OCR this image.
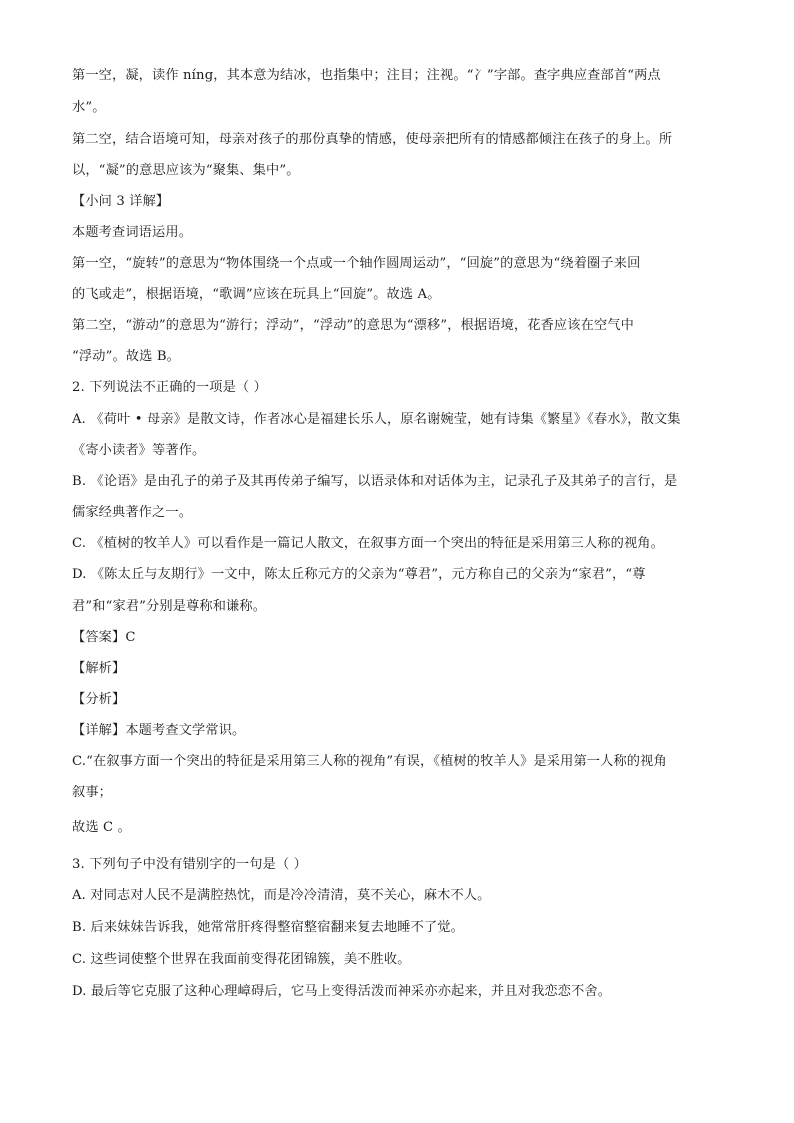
第一空，凝，读作 níng，其本意为结冰，也指集中；注目；注视。“冫”字部。查字典应查部首“两点
水”。
第二空，结合语境可知，母亲对孩子的那份真挚的情感，使母亲把所有的情感都倾注在孩子的身上。所
以，“凝”的意思应该为“聚集、集中”。
【小问 3 详解】
本题考查词语运用。
第一空，“旋转”的意思为“物体围绕一个点或一个轴作圆周运动”，“回旋”的意思为“绕着圈子来回
的飞或走”，根据语境，“歌调”应该在玩具上“回旋”。故选 A。
第二空，“游动”的意思为“游行；浮动”，“浮动”的意思为“漂移”，根据语境，花香应该在空气中
“浮动”。故选 B。
2. 下列说法不正确的一项是（ ）
A. 《荷叶 • 母亲》是散文诗，作者冰心是福建长乐人，原名谢婉莹，她有诗集《繁星》《春水》，散文集
《寄小读者》等著作。
B. 《论语》是由孔子的弟子及其再传弟子编写，以语录体和对话体为主，记录孔子及其弟子的言行，是
儒家经典著作之一。
C. 《植树的牧羊人》可以看作是一篇记人散文，在叙事方面一个突出的特征是采用第三人称的视角。
D. 《陈太丘与友期行》一文中，陈太丘称元方的父亲为“尊君”，元方称自己的父亲为“家君”，“尊
君”和“家君”分别是尊称和谦称。
【答案】C
【解析】
【分析】
【详解】本题考查文学常识。
C.“在叙事方面一个突出的特征是采用第三人称的视角”有误，《植树的牧羊人》是采用第一人称的视角
叙事；
故选 C 。
3. 下列句子中没有错别字的一句是（ ）
A. 对同志对人民不是满腔热忱，而是冷冷清清，莫不关心，麻木不人。
B. 后来妹妹告诉我，她常常肝疼得整宿整宿翻来复去地睡不了觉。
C. 这些词使整个世界在我面前变得花团锦簇，美不胜收。
D. 最后等它克服了这种心理嶂碍后，它马上变得活泼而神采亦亦起来，并且对我恋恋不舍。
